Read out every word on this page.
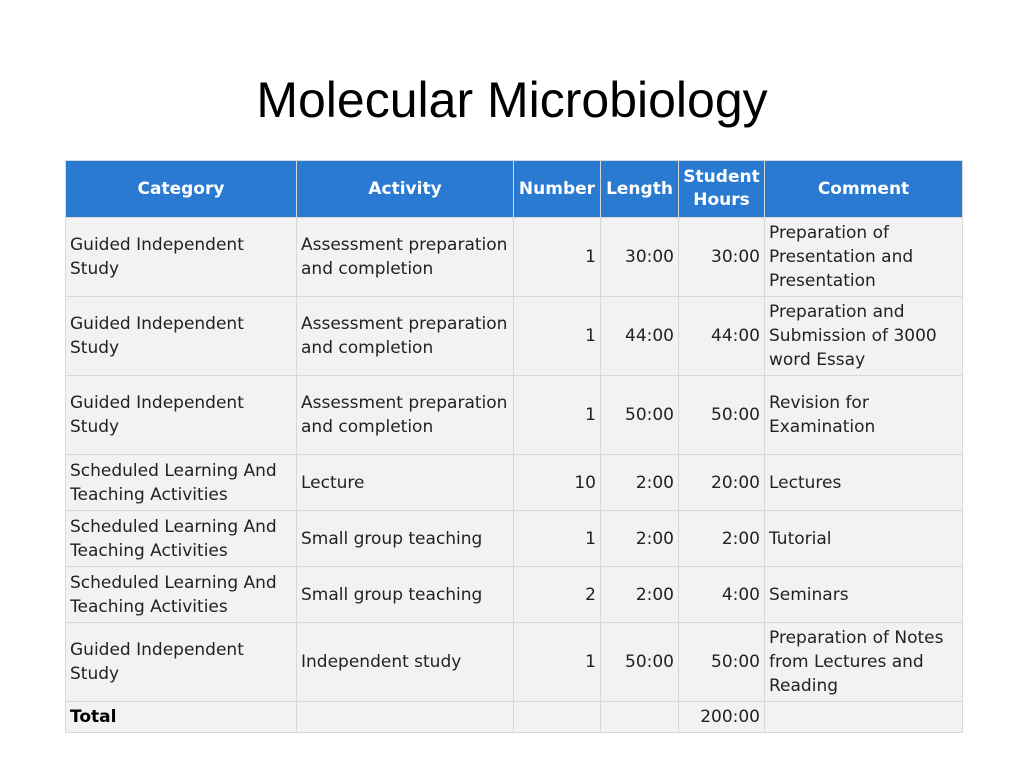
Molecular Microbiology
Category	Activity	Number	Length	Student Hours	Comment
Guided Independent Study	Assessment preparation and completion	1	30:00	30:00	Preparation of Presentation and Presentation
Guided Independent Study	Assessment preparation and completion	1	44:00	44:00	Preparation and Submission of 3000 word Essay
Guided Independent Study	Assessment preparation and completion	1	50:00	50:00	Revision for Examination
Scheduled Learning And Teaching Activities	Lecture	10	2:00	20:00	Lectures
Scheduled Learning And Teaching Activities	Small group teaching	1	2:00	2:00	Tutorial
Scheduled Learning And Teaching Activities	Small group teaching	2	2:00	4:00	Seminars
Guided Independent Study	Independent study	1	50:00	50:00	Preparation of Notes from Lectures and Reading
Total				200:00	
